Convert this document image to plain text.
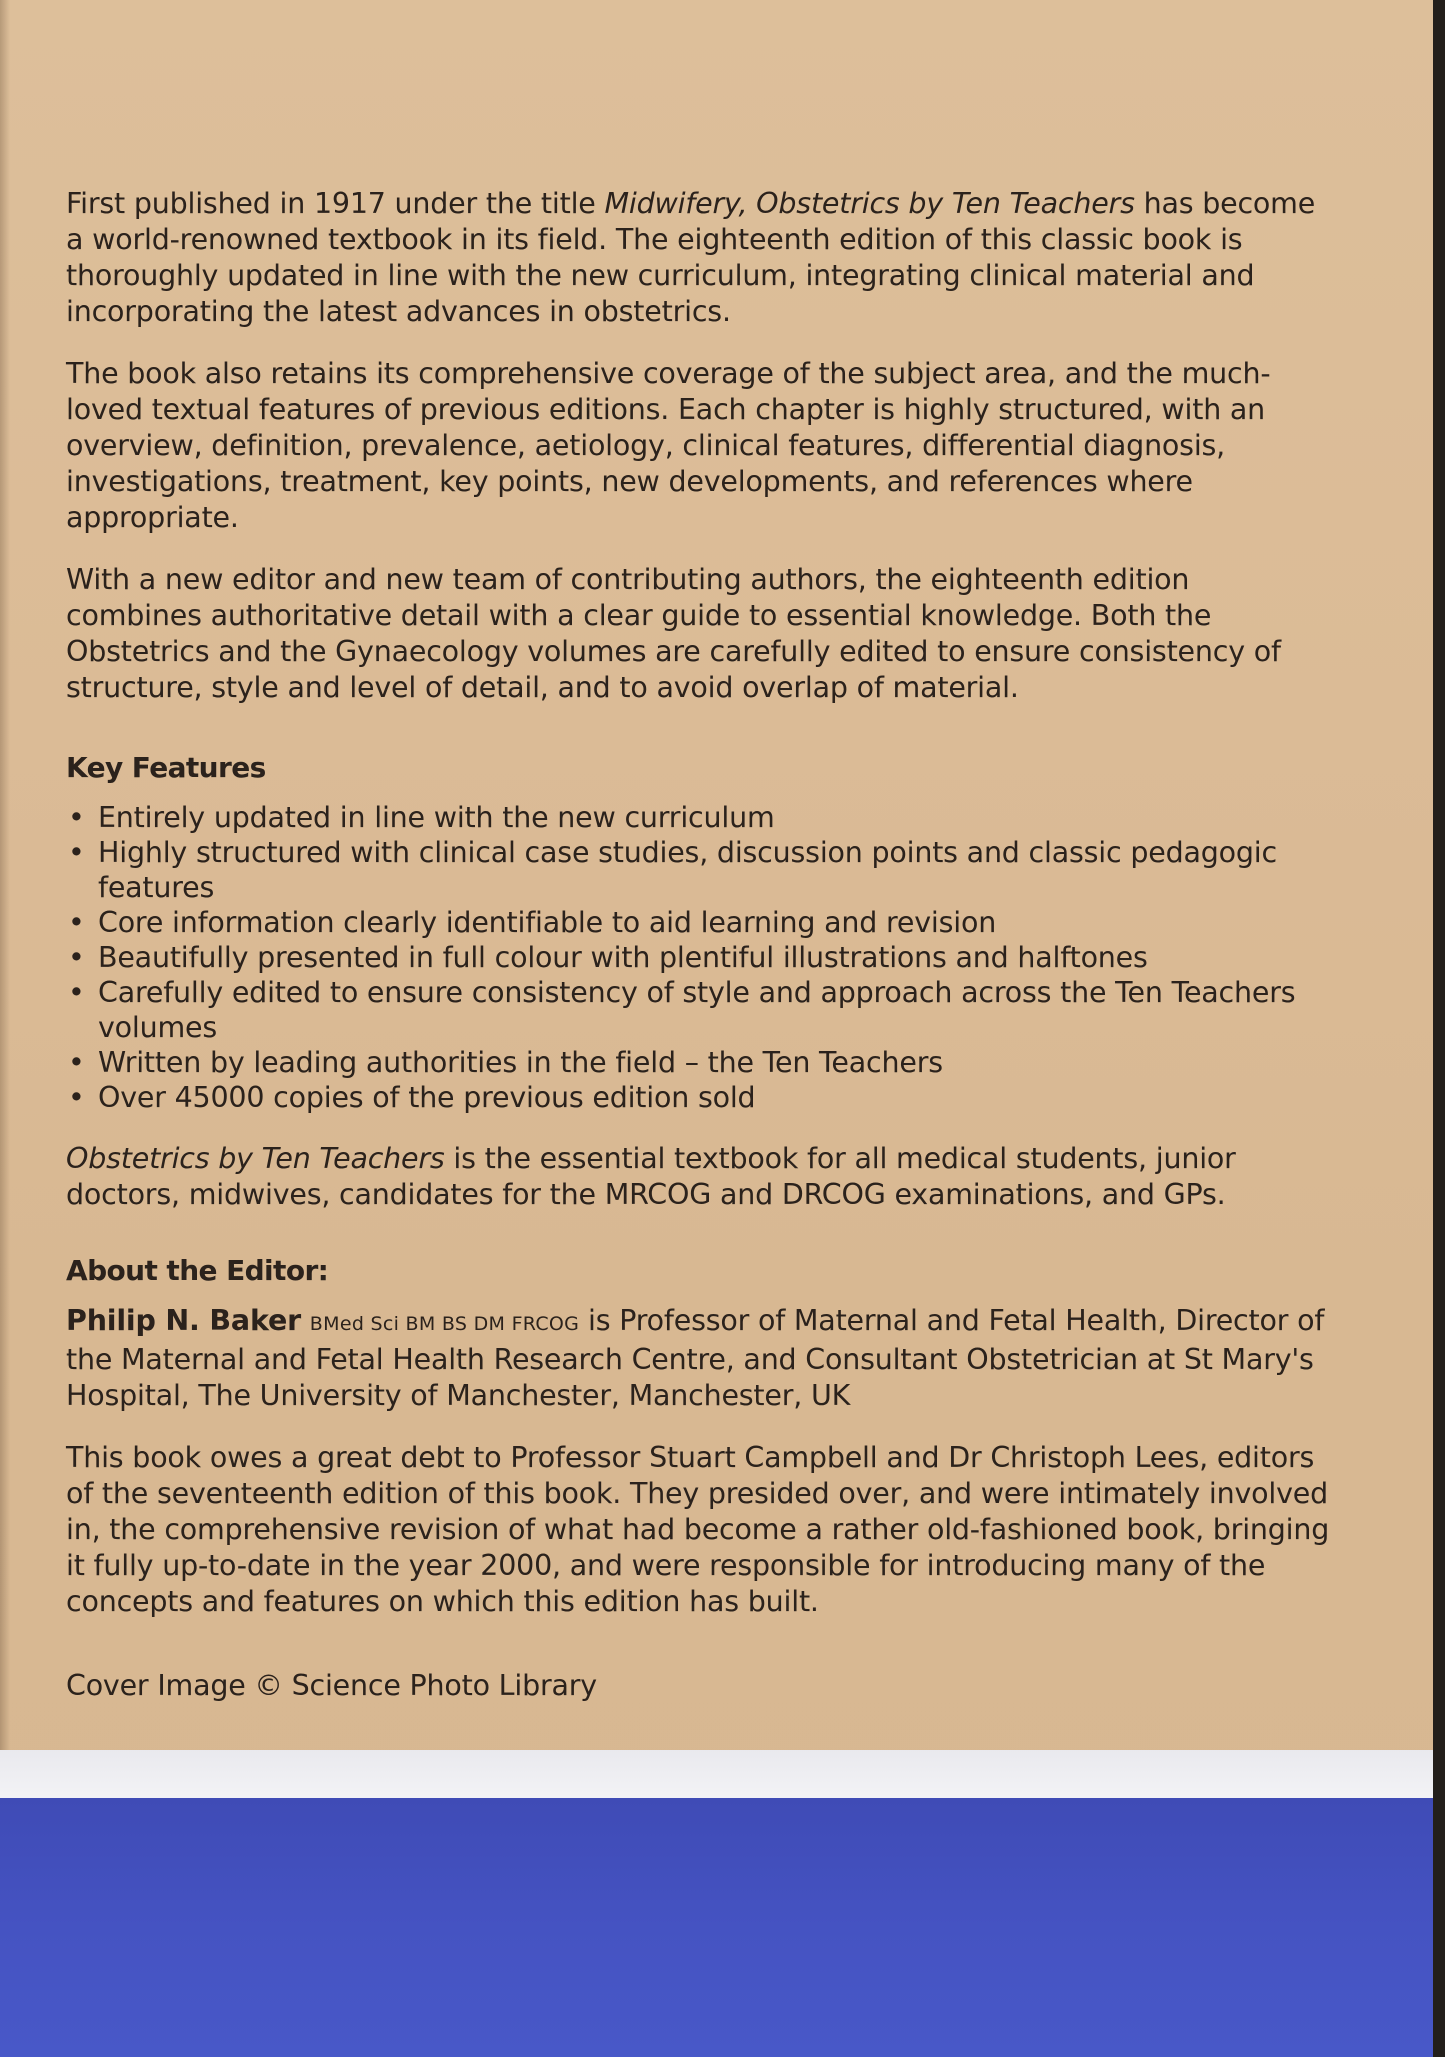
First published in 1917 under the title Midwifery, Obstetrics by Ten Teachers has become a world-renowned textbook in its field. The eighteenth edition of this classic book is thoroughly updated in line with the new curriculum, integrating clinical material and incorporating the latest advances in obstetrics.

The book also retains its comprehensive coverage of the subject area, and the much-loved textual features of previous editions. Each chapter is highly structured, with an overview, definition, prevalence, aetiology, clinical features, differential diagnosis, investigations, treatment, key points, new developments, and references where appropriate.

With a new editor and new team of contributing authors, the eighteenth edition combines authoritative detail with a clear guide to essential knowledge. Both the Obstetrics and the Gynaecology volumes are carefully edited to ensure consistency of structure, style and level of detail, and to avoid overlap of material.

Key Features
• Entirely updated in line with the new curriculum
• Highly structured with clinical case studies, discussion points and classic pedagogic features
• Core information clearly identifiable to aid learning and revision
• Beautifully presented in full colour with plentiful illustrations and halftones
• Carefully edited to ensure consistency of style and approach across the Ten Teachers volumes
• Written by leading authorities in the field – the Ten Teachers
• Over 45000 copies of the previous edition sold

Obstetrics by Ten Teachers is the essential textbook for all medical students, junior doctors, midwives, candidates for the MRCOG and DRCOG examinations, and GPs.

About the Editor:

Philip N. Baker BMed Sci BM BS DM FRCOG is Professor of Maternal and Fetal Health, Director of the Maternal and Fetal Health Research Centre, and Consultant Obstetrician at St Mary's Hospital, The University of Manchester, Manchester, UK

This book owes a great debt to Professor Stuart Campbell and Dr Christoph Lees, editors of the seventeenth edition of this book. They presided over, and were intimately involved in, the comprehensive revision of what had become a rather old-fashioned book, bringing it fully up-to-date in the year 2000, and were responsible for introducing many of the concepts and features on which this edition has built.

Cover Image © Science Photo Library
